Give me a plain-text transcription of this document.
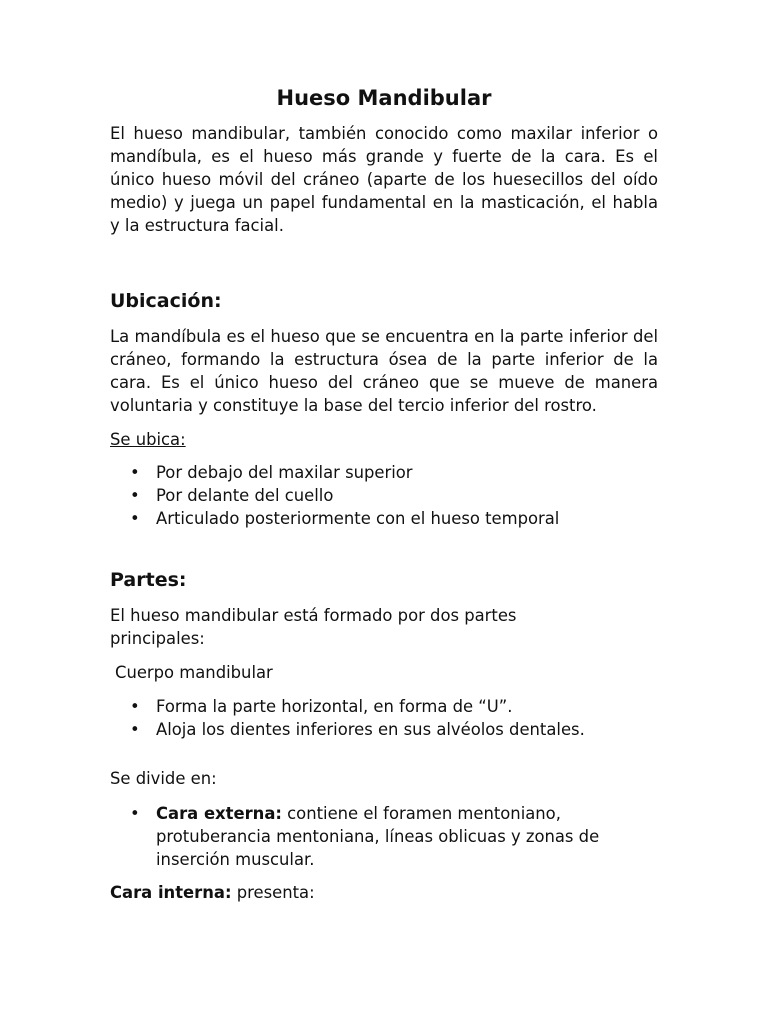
Hueso Mandibular

El hueso mandibular, también conocido como maxilar inferior o mandíbula, es el hueso más grande y fuerte de la cara. Es el único hueso móvil del cráneo (aparte de los huesecillos del oído medio) y juega un papel fundamental en la masticación, el habla y la estructura facial.

Ubicación:

La mandíbula es el hueso que se encuentra en la parte inferior del cráneo, formando la estructura ósea de la parte inferior de la cara. Es el único hueso del cráneo que se mueve de manera voluntaria y constituye la base del tercio inferior del rostro.

Se ubica:

• Por debajo del maxilar superior
• Por delante del cuello
• Articulado posteriormente con el hueso temporal
Partes:

El hueso mandibular está formado por dos partes principales:

Cuerpo mandibular

• Forma la parte horizontal, en forma de “U”.
• Aloja los dientes inferiores en sus alvéolos dentales.

Se divide en:

• Cara externa: contiene el foramen mentoniano, protuberancia mentoniana, líneas oblicuas y zonas de inserción muscular.

Cara interna: presenta:
